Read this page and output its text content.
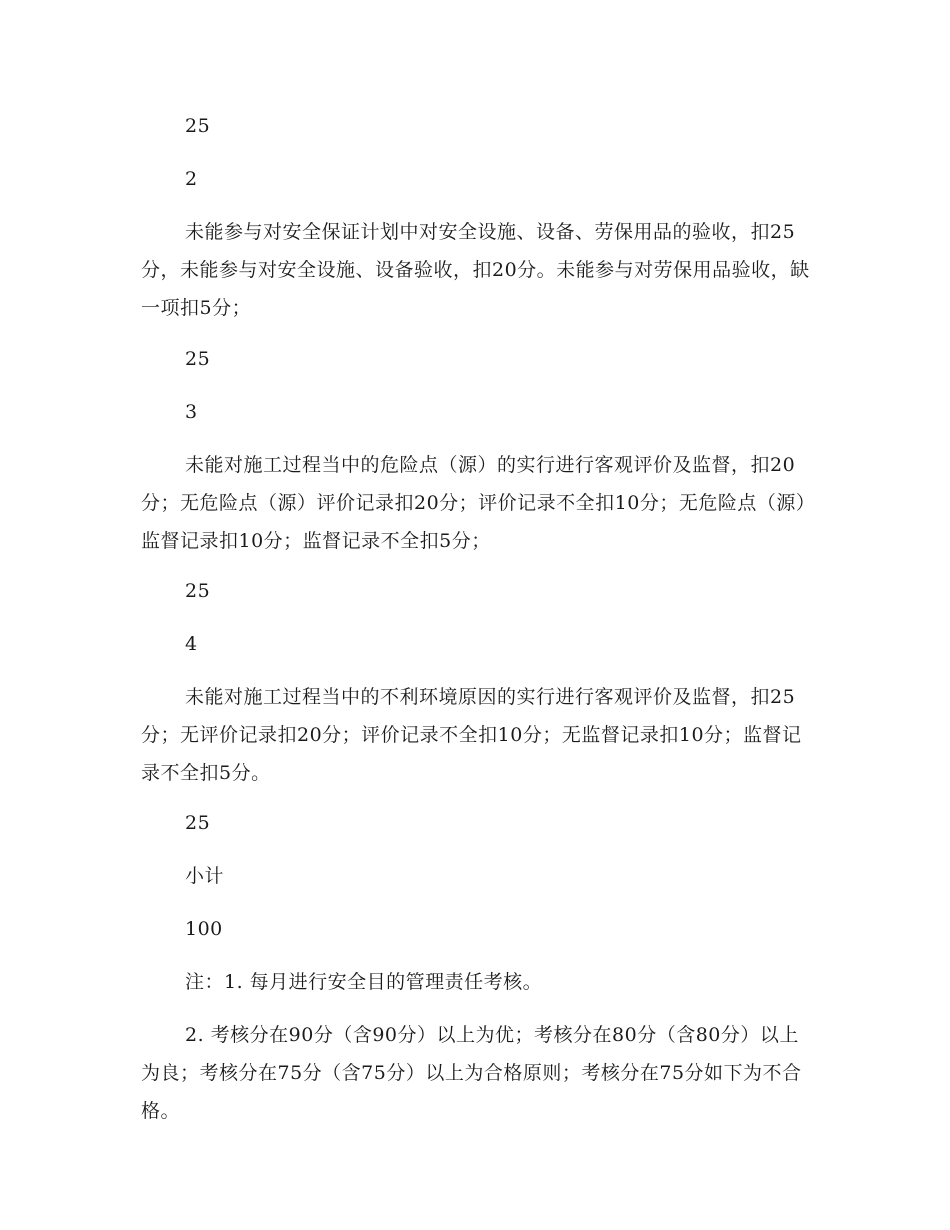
25

2

未能参与对安全保证计划中对安全设施、设备、劳保用品的验收，扣25分，未能参与对安全设施、设备验收，扣20分。未能参与对劳保用品验收，缺一项扣5分；

25

3

未能对施工过程当中的危险点（源）的实行进行客观评价及监督，扣20分；无危险点（源）评价记录扣20分；评价记录不全扣10分；无危险点（源）监督记录扣10分；监督记录不全扣5分；

25

4

未能对施工过程当中的不利环境原因的实行进行客观评价及监督，扣25分；无评价记录扣20分；评价记录不全扣10分；无监督记录扣10分；监督记录不全扣5分。

25

小计

100

注：1. 每月进行安全目的管理责任考核。

2. 考核分在90分（含90分）以上为优；考核分在80分（含80分）以上为良；考核分在75分（含75分）以上为合格原则；考核分在75分如下为不合格。
